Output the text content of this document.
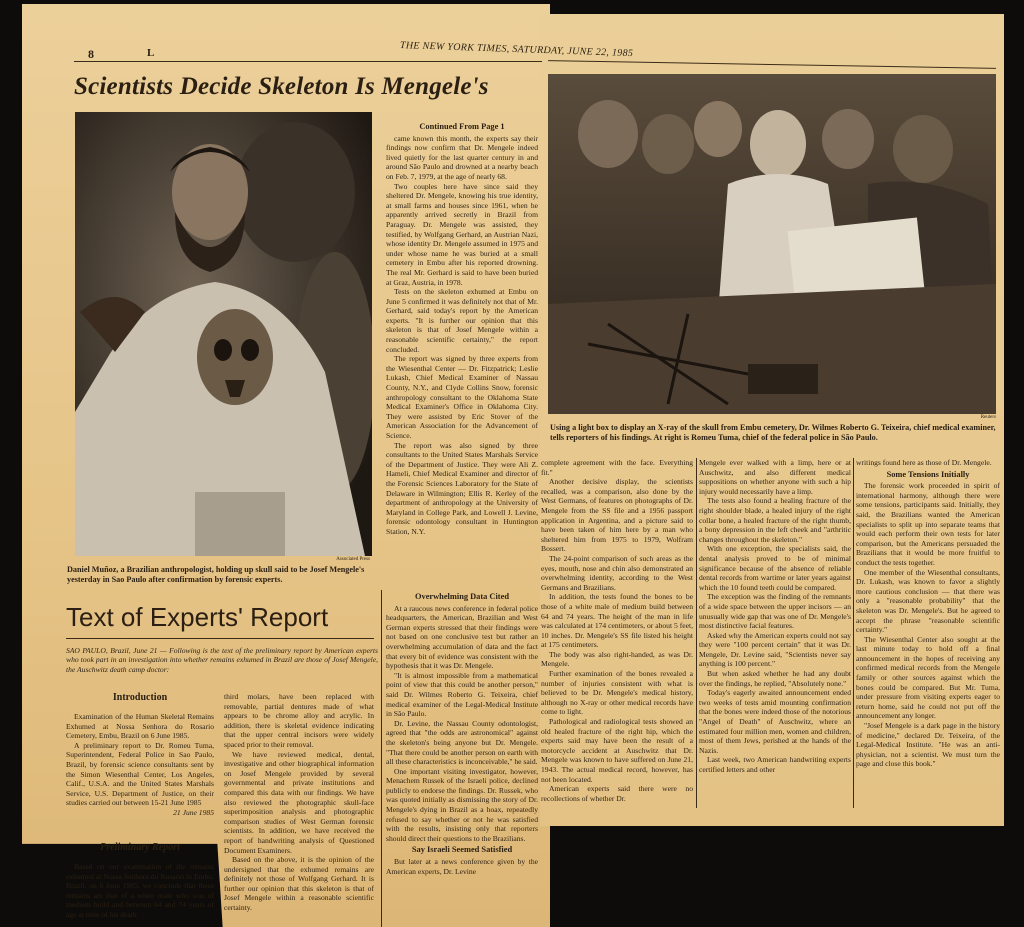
8	L	THE NEW YORK TIMES, SATURDAY, JUNE 22, 1985
Scientists Decide Skeleton Is Mengele's
Associated Press
Daniel Muñoz, a Brazilian anthropologist, holding up skull said to be Josef Mengele's yesterday in Sao Paulo after confirmation by forensic experts.
Reuters
Using a light box to display an X-ray of the skull from Embu cemetery, Dr. Wilmes Roberto G. Teixeira, chief medical examiner, tells reporters of his findings. At right is Romeu Tuma, chief of the federal police in São Paulo.
Continued From Page 1

came known this month, the experts say their findings now confirm that Dr. Mengele indeed lived quietly for the last quarter century in and around São Paulo and drowned at a nearby beach on Feb. 7, 1979, at the age of nearly 68.

Two couples here have since said they sheltered Dr. Mengele, knowing his true identity, at small farms and houses since 1961, when he apparently arrived secretly in Brazil from Paraguay. Dr. Mengele was assisted, they testified, by Wolfgang Gerhard, an Austrian Nazi, whose identity Dr. Mengele assumed in 1975 and under whose name he was buried at a small cemetery in Embu after his reported drowning. The real Mr. Gerhard is said to have been buried at Graz, Austria, in 1978.

Tests on the skeleton exhumed at Embu on June 5 confirmed it was definitely not that of Mr. Gerhard, said today's report by the American experts. "It is further our opinion that this skeleton is that of Josef Mengele within a reasonable scientific certainty," the report concluded.

The report was signed by three experts from the Wiesenthal Center — Dr. Fitzpatrick; Leslie Lukash, Chief Medical Examiner of Nassau County, N.Y., and Clyde Collins Snow, forensic anthropology consultant to the Oklahoma State Medical Examiner's Office in Oklahoma City. They were assisted by Eric Stover of the American Association for the Advancement of Science.

The report was also signed by three consultants to the United States Marshals Service of the Department of Justice. They were Ali Z. Hameli, Chief Medical Examiner and director of the Forensic Sciences Laboratory for the State of Delaware in Wilmington; Ellis R. Kerley of the department of anthropology at the University of Maryland in College Park, and Lowell J. Levine, forensic odontology consultant in Huntington Station, N.Y.

Overwhelming Data Cited

At a raucous news conference in federal police headquarters, the American, Brazilian and West German experts stressed that their findings were not based on one conclusive test but rather an overwhelming accumulation of data and the fact that every bit of evidence was consistent with the hypothesis that it was Dr. Mengele.

"It is almost impossible from a mathematical point of view that this could be another person," said Dr. Wilmes Roberto G. Teixeira, chief medical examiner of the Legal-Medical Institute in São Paulo.

Dr. Levine, the Nassau County odontologist, agreed that "the odds are astronomical" against the skeleton's being anyone but Dr. Mengele. "That there could be another person on earth with all these characteristics is inconceivable," he said.

One important visiting investigator, however, Menachem Russek of the Israeli police, declined publicly to endorse the findings. Dr. Russek, who was quoted initially as dismissing the story of Dr. Mengele's dying in Brazil as a hoax, repeatedly refused to say whether or not he was satisfied with the results, insisting only that reporters should direct their questions to the Brazilians.

Say Israeli Seemed Satisfied

But later at a news conference given by the American experts, Dr. Levine

complete agreement with the face. Everything fit."

Another decisive display, the scientists recalled, was a comparison, also done by the West Germans, of features on photographs of Dr. Mengele from the SS file and a 1956 passport application in Argentina, and a picture said to have been taken of him here by a man who sheltered him from 1975 to 1979, Wolfram Bossert.

The 24-point comparison of such areas as the eyes, mouth, nose and chin also demonstrated an overwhelming identity, according to the West Germans and Brazilians.

In addition, the tests found the bones to be those of a white male of medium build between 64 and 74 years. The height of the man in life was calculated at 174 centimeters, or about 5 feet, 10 inches. Dr. Mengele's SS file listed his height at 175 centimeters.

The body was also right-handed, as was Dr. Mengele.

Further examination of the bones revealed a number of injuries consistent with what is believed to be Dr. Mengele's medical history, although no X-ray or other medical records have come to light.

Pathological and radiological tests showed an old healed fracture of the right hip, which the experts said may have been the result of a motorcycle accident at Auschwitz that Dr. Mengele was known to have suffered on June 21, 1943. The actual medical record, however, has not been located.

American experts said there were no recollections of whether Dr.

Mengele ever walked with a limp, here or at Auschwitz, and also different medical suppositions on whether anyone with such a hip injury would necessarily have a limp.

The tests also found a healing fracture of the right shoulder blade, a healed injury of the right collar bone, a healed fracture of the right thumb, a bony depression in the left cheek and "arthritic changes throughout the skeleton."

With one exception, the specialists said, the dental analysis proved to be of minimal significance because of the absence of reliable dental records from wartime or later years against which the 10 found teeth could be compared.

The exception was the finding of the remnants of a wide space between the upper incisors — an unusually wide gap that was one of Dr. Mengele's most distinctive facial features.

Asked why the American experts could not say they were "100 percent certain" that it was Dr. Mengele, Dr. Levine said, "Scientists never say anything is 100 percent."

But when asked whether he had any doubt over the findings, he replied, "Absolutely none."

Today's eagerly awaited announcement ended two weeks of tests amid mounting confirmation that the bones were indeed those of the notorious "Angel of Death" of Auschwitz, where an estimated four million men, women and children, most of them Jews, perished at the hands of the Nazis.

Last week, two American handwriting experts certified letters and other

writings found here as those of Dr. Mengele.

Some Tensions Initially

The forensic work proceeded in spirit of international harmony, although there were some tensions, participants said. Initially, they said, the Brazilians wanted the American specialists to split up into separate teams that would each perform their own tests for later comparison, but the Americans persuaded the Brazilians that it would be more fruitful to conduct the tests together.

One member of the Wiesenthal consultants, Dr. Lukash, was known to favor a slightly more cautious conclusion — that there was only a "reasonable probability" that the skeleton was Dr. Mengele's. But he agreed to accept the phrase "reasonable scientific certainty."

The Wiesenthal Center also sought at the last minute today to hold off a final announcement in the hopes of receiving any confirmed medical records from the Mengele family or other sources against which the bones could be compared. But Mr. Tuma, under pressure from visiting experts eager to return home, said he could not put off the announcement any longer.

"Josef Mengele is a dark page in the history of medicine," declared Dr. Teixeira, of the Legal-Medical Institute. "He was an anti-physician, not a scientist. We must turn the page and close this book."

Text of Experts' Report
SAO PAULO, Brazil, June 21 — Following is the text of the preliminary report by American experts who took part in an investigation into whether remains exhumed in Brazil are those of Josef Mengele, the Auschwitz death camp doctor:
Introduction

Examination of the Human Skeletal Remains Exhumed at Nossa Senhora do Rosario Cemetery, Embu, Brazil on 6 June 1985.

A preliminary report to Dr. Romeu Tuma, Superintendent, Federal Police in Sao Paulo, Brazil, by forensic science consultants sent by the Simon Wiesenthal Center, Los Angeles, Calif., U.S.A. and the United States Marshals Service, U.S. Department of Justice, on their studies carried out between 15-21 June 1985

21 June 1985

Preliminary Report

Based on our examination of the remains exhumed at Nossa Senhora do Rosario in Embu, Brazil, on 6 June 1985, we conclude that these remains are that of a white male who was of medium build and between 64 and 74 years of age at time of his death

third molars, have been replaced with removable, partial dentures made of what appears to be chrome alloy and acrylic. In addition, there is skeletal evidence indicating that the upper central incisors were widely spaced prior to their removal.

We have reviewed medical, dental, investigative and other biographical information on Josef Mengele provided by several governmental and private institutions and compared this data with our findings. We have also reviewed the photographic skull-face superimposition analysis and photographic comparison studies of West German forensic scientists. In addition, we have received the report of handwriting analysis of Questioned Document Examiners.

Based on the above, it is the opinion of the undersigned that the exhumed remains are definitely not those of Wolfgang Gerhard. It is further our opinion that this skeleton is that of Josef Mengele within a reasonable scientific certainty.
